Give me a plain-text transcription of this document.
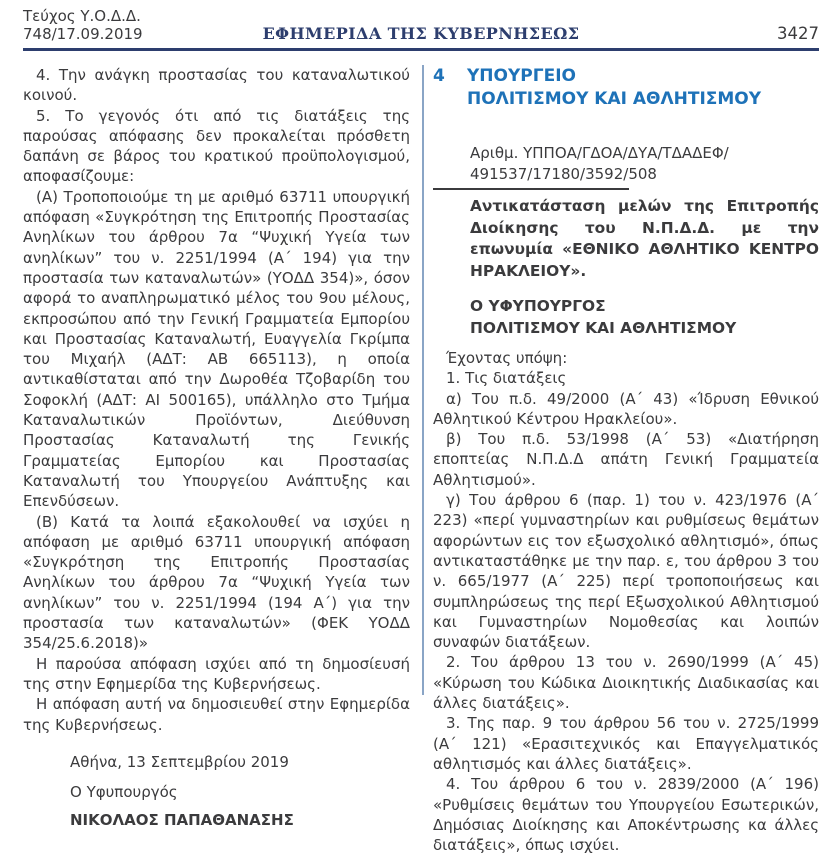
Τεύχος Υ.Ο.Δ.Δ. 748/17.09.2019	ΕΦΗΜΕΡΙΔΑ ΤΗΣ ΚΥΒΕΡΝΗΣΕΩΣ	3427

4. Την ανάγκη προστασίας του καταναλωτικού κοινού.

5. Το γεγονός ότι από τις διατάξεις της παρούσας απόφασης δεν προκαλείται πρόσθετη δαπάνη σε βάρος του κρατικού προϋπολογισμού, αποφασίζουμε:

(Α) Τροποποιούμε τη με αριθμό 63711 υπουργική απόφαση «Συγκρότηση της Επιτροπής Προστασίας Ανηλίκων του άρθρου 7α “Ψυχική Υγεία των ανηλίκων” του ν. 2251/1994 (Α΄ 194) για την προστασία των καταναλωτών» (ΥΟΔΔ 354)», όσον αφορά το αναπληρωματικό μέλος του 9ου μέλους, εκπροσώπου από την Γενική Γραμματεία Εμπορίου και Προστασίας Καταναλωτή, Ευαγγελία Γκρίμπα του Μιχαήλ (ΑΔΤ: ΑΒ 665113), η οποία αντικαθίσταται από την Δωροθέα Τζοβαρίδη του Σοφοκλή (ΑΔΤ: ΑΙ 500165), υπάλληλο στο Τμήμα Καταναλωτικών Προϊόντων, Διεύθυνση Προστασίας Καταναλωτή της Γενικής Γραμματείας Εμπορίου και Προστασίας Καταναλωτή του Υπουργείου Ανάπτυξης και Επενδύσεων.

(Β) Κατά τα λοιπά εξακολουθεί να ισχύει η απόφαση με αριθμό 63711 υπουργική απόφαση «Συγκρότηση της Επιτροπής Προστασίας Ανηλίκων του άρθρου 7α “Ψυχική Υγεία των ανηλίκων” του ν. 2251/1994 (194 Α΄) για την προστασία των καταναλωτών» (ΦΕΚ ΥΟΔΔ 354/25.6.2018)»

Η παρούσα απόφαση ισχύει από τη δημοσίευσή της στην Εφημερίδα της Κυβερνήσεως.

Η απόφαση αυτή να δημοσιευθεί στην Εφημερίδα της Κυβερνήσεως.

Αθήνα, 13 Σεπτεμβρίου 2019
Ο Υφυπουργός
ΝΙΚΟΛΑΟΣ ΠΑΠΑΘΑΝΑΣΗΣ
4	ΥΠΟΥΡΓΕΙΟ
ΠΟΛΙΤΙΣΜΟΥ ΚΑΙ ΑΘΛΗΤΙΣΜΟΥ
Αριθμ. ΥΠΠΟΑ/ΓΔΟΑ/ΔΥΑ/ΤΔΑΔΕΦ/
491537/17180/3592/508
Αντικατάσταση μελών της Επιτροπής Διοίκησης του Ν.Π.Δ.Δ. με την επωνυμία «ΕΘΝΙΚΟ ΑΘΛΗΤΙΚΟ ΚΕΝΤΡΟ ΗΡΑΚΛΕΙΟΥ».
Ο ΥΦΥΠΟΥΡΓΟΣ
ΠΟΛΙΤΙΣΜΟΥ ΚΑΙ ΑΘΛΗΤΙΣΜΟΥ

Έχοντας υπόψη:

1. Τις διατάξεις

α) Του π.δ. 49/2000 (Α΄ 43) «Ίδρυση Εθνικού Αθλητικού Κέντρου Ηρακλείου».

β) Του π.δ. 53/1998 (Α΄ 53) «Διατήρηση εποπτείας Ν.Π.Δ.Δ απάτη Γενική Γραμματεία Αθλητισμού».

γ) Του άρθρου 6 (παρ. 1) του ν. 423/1976 (Α΄ 223) «περί γυμναστηρίων και ρυθμίσεως θεμάτων αφορώντων εις τον εξωσχολικό αθλητισμό», όπως αντικαταστάθηκε με την παρ. ε, του άρθρου 3 του ν. 665/1977 (Α΄ 225) περί τροποποιήσεως και συμπληρώσεως της περί Εξωσχολικού Αθλητισμού και Γυμναστηρίων Νομοθεσίας και λοιπών συναφών διατάξεων.

2. Του άρθρου 13 του ν. 2690/1999 (Α΄ 45) «Κύρωση του Κώδικα Διοικητικής Διαδικασίας και άλλες διατάξεις».

3. Της παρ. 9 του άρθρου 56 του ν. 2725/1999 (Α΄ 121) «Ερασιτεχνικός και Επαγγελματικός αθλητισμός και άλλες διατάξεις».

4. Του άρθρου 6 του ν. 2839/2000 (Α΄ 196) «Ρυθμίσεις θεμάτων του Υπουργείου Εσωτερικών, Δημόσιας Διοίκησης και Αποκέντρωσης κα άλλες διατάξεις», όπως ισχύει.
